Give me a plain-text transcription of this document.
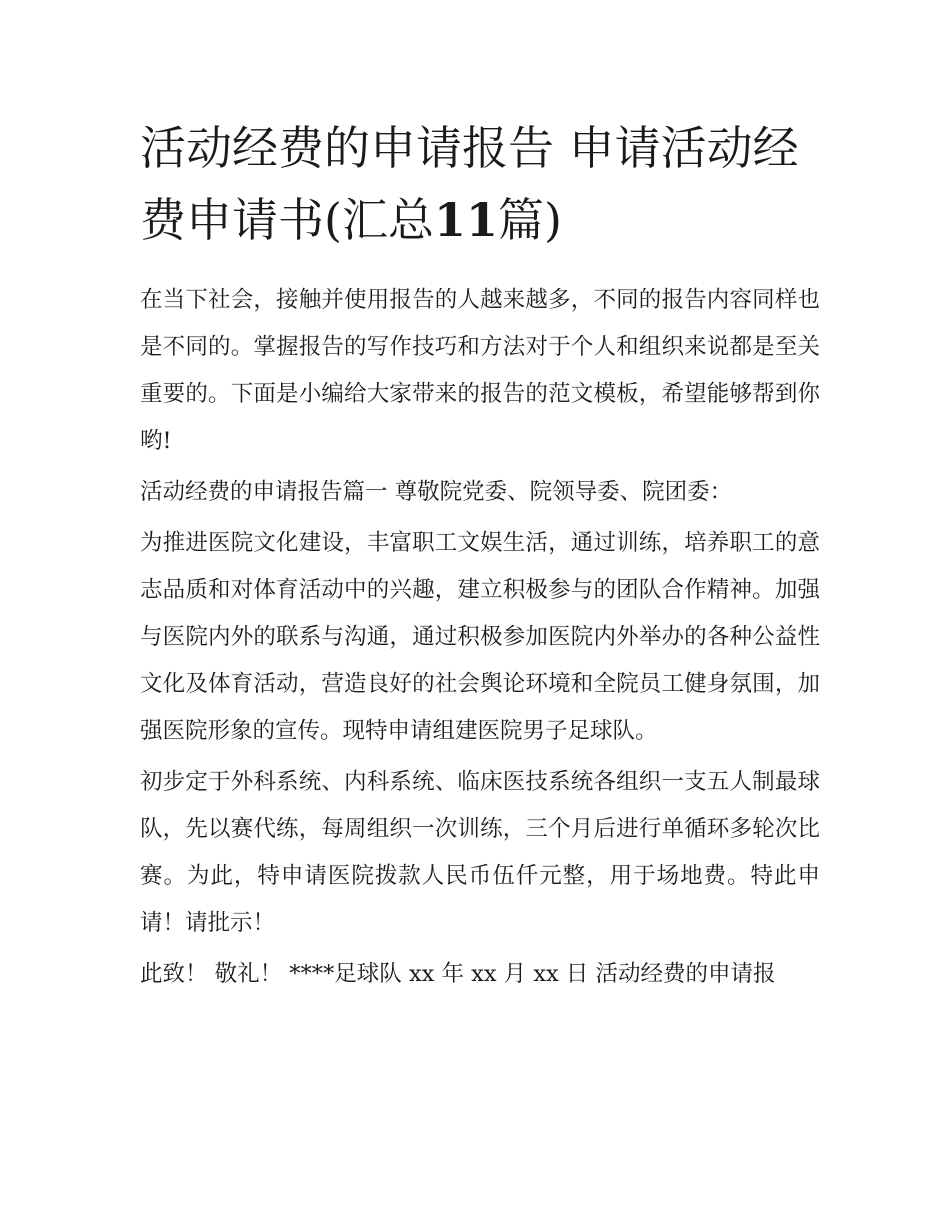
活动经费的申请报告 申请活动经费申请书(汇总11篇)

在当下社会，接触并使用报告的人越来越多，不同的报告内容同样也是不同的。掌握报告的写作技巧和方法对于个人和组织来说都是至关重要的。下面是小编给大家带来的报告的范文模板，希望能够帮到你哟!

活动经费的申请报告篇一 尊敬院党委、院领导委、院团委：

为推进医院文化建设，丰富职工文娱生活，通过训练，培养职工的意志品质和对体育活动中的兴趣，建立积极参与的团队合作精神。加强与医院内外的联系与沟通，通过积极参加医院内外举办的各种公益性文化及体育活动，营造良好的社会舆论环境和全院员工健身氛围，加强医院形象的宣传。现特申请组建医院男子足球队。

初步定于外科系统、内科系统、临床医技系统各组织一支五人制最球队，先以赛代练，每周组织一次训练，三个月后进行单循环多轮次比赛。为此，特申请医院拨款人民币伍仟元整，用于场地费。特此申请！请批示！

此致！ 敬礼！ ****足球队 xx 年 xx 月 xx 日 活动经费的申请报
